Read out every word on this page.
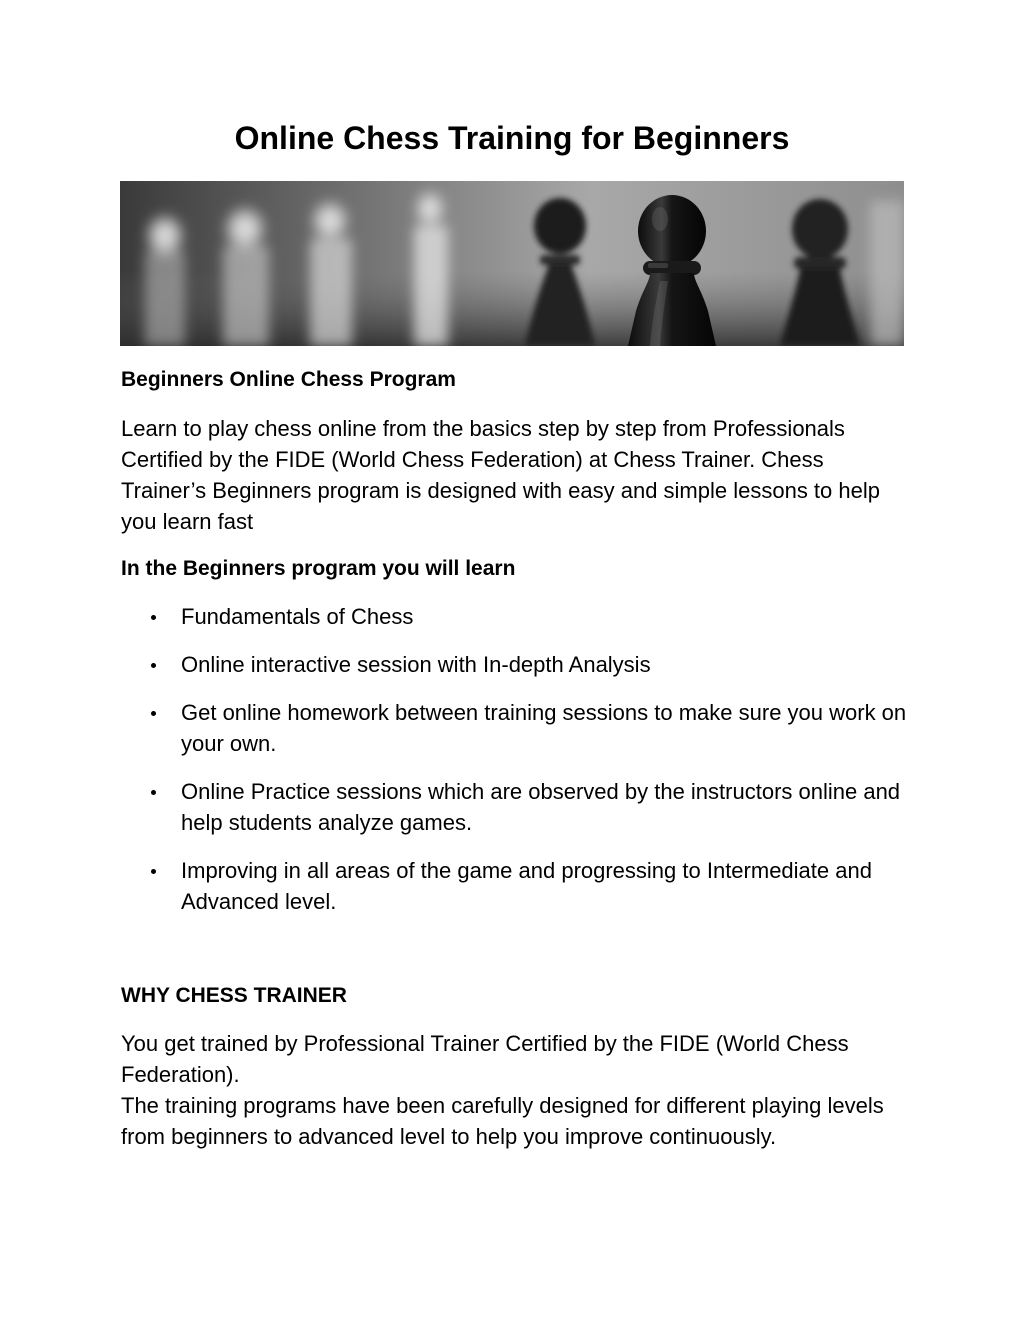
Online Chess Training for Beginners
Beginners Online Chess Program

Learn to play chess online from the basics step by step from Professionals Certified by the FIDE (World Chess Federation) at Chess Trainer. Chess Trainer’s Beginners program is designed with easy and simple lessons to help you learn fast

In the Beginners program you will learn
Fundamentals of Chess
Online interactive session with In-depth Analysis
Get online homework between training sessions to make sure you work on your own.
Online Practice sessions which are observed by the instructors online and help students analyze games.
Improving in all areas of the game and progressing to Intermediate and Advanced level.
WHY CHESS TRAINER

You get trained by Professional Trainer Certified by the FIDE (World Chess Federation).

The training programs have been carefully designed for different playing levels from beginners to advanced level to help you improve continuously.
